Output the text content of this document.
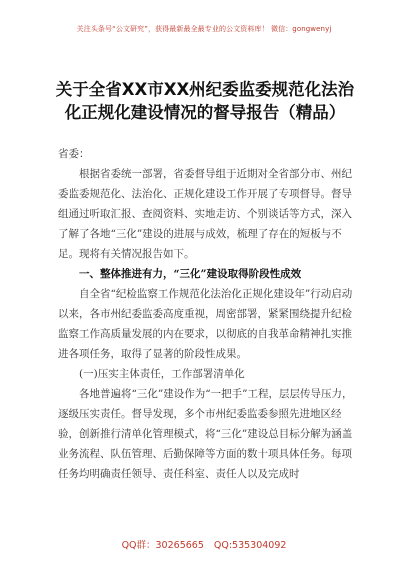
关注头条号“公文研究”，获得最新最全最专业的公文资料库！ 微信：gongwenyj
关于全省XX市XX州纪委监委规范化法治
化正规化建设情况的督导报告（精品）

省委：

根据省委统一部署，省委督导组于近期对全省部分市、州纪委监委规范化、法治化、正规化建设工作开展了专项督导。督导组通过听取汇报、查阅资料、实地走访、个别谈话等方式，深入了解了各地“三化”建设的进展与成效，梳理了存在的短板与不足。现将有关情况报告如下。

一、整体推进有力，“三化”建设取得阶段性成效

自全省“纪检监察工作规范化法治化正规化建设年”行动启动以来，各市州纪委监委高度重视，周密部署，紧紧围绕提升纪检监察工作高质量发展的内在要求，以彻底的自我革命精神扎实推进各项任务，取得了显著的阶段性成果。

(一)压实主体责任，工作部署清单化

各地普遍将“三化”建设作为“一把手”工程，层层传导压力，逐级压实责任。督导发现，多个市州纪委监委参照先进地区经验，创新推行清单化管理模式，将“三化”建设总目标分解为涵盖业务流程、队伍管理、后勤保障等方面的数十项具体任务。每项任务均明确责任领导、责任科室、责任人以及完成时

QQ群：30265665 QQ:535304092
